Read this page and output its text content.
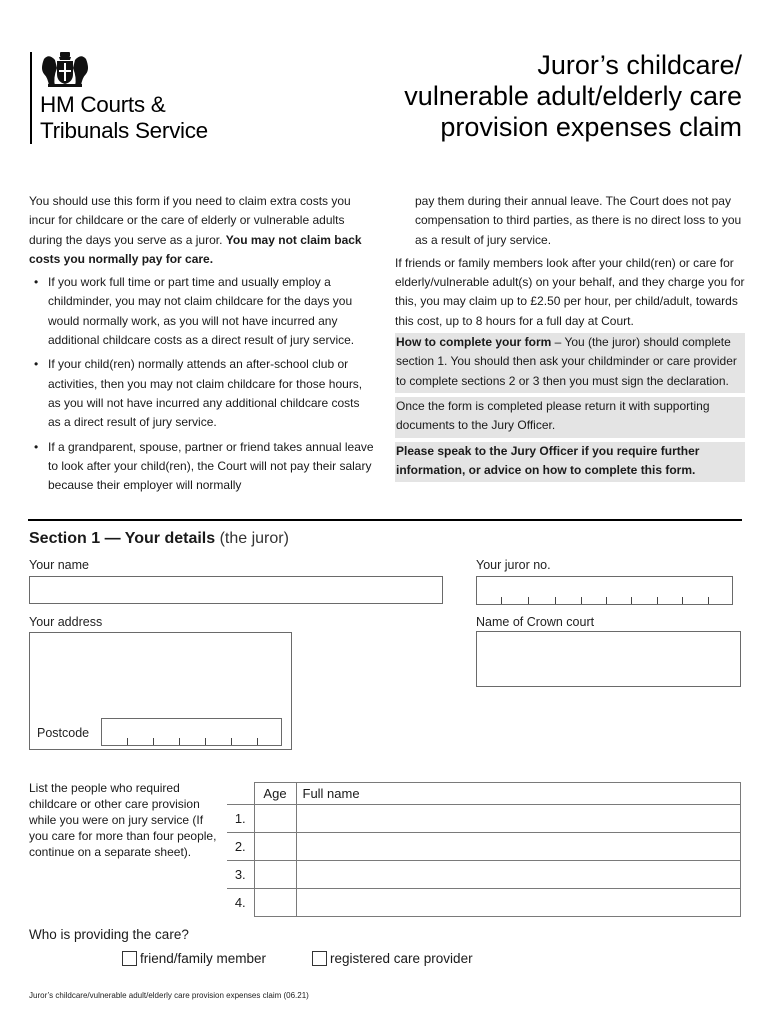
HM Courts &
Tribunals Service
Juror’s childcare/
vulnerable adult/elderly care
provision expenses claim

You should use this form if you need to claim extra costs you incur for childcare or the care of elderly or vulnerable adults during the days you serve as a juror. You may not claim back costs you normally pay for care.

• If you work full time or part time and usually employ a childminder, you may not claim childcare for the days you would normally work, as you will not have incurred any additional childcare costs as a direct result of jury service.
• If your child(ren) normally attends an after-school club or activities, then you may not claim childcare for those hours, as you will not have incurred any additional childcare costs as a direct result of jury service.
• If a grandparent, spouse, partner or friend takes annual leave to look after your child(ren), the Court will not pay their salary because their employer will normally

pay them during their annual leave. The Court does not pay compensation to third parties, as there is no direct loss to you as a result of jury service.

If friends or family members look after your child(ren) or care for elderly/vulnerable adult(s) on your behalf, and they charge you for this, you may claim up to £2.50 per hour, per child/adult, towards this cost, up to 8 hours for a full day at Court.

How to complete your form – You (the juror) should complete section 1. You should then ask your childminder or care provider to complete sections 2 or 3 then you must sign the declaration.
Once the form is completed please return it with supporting documents to the Jury Officer.
Please speak to the Jury Officer if you require further information, or advice on how to complete this form.
Section 1 — Your details (the juror)
Your name	Your juror no.
Your address
Postcode
Name of Crown court
List the people who required childcare or other care provision while you were on jury service (If you care for more than four people, continue on a separate sheet).
	Age	Full name
1.		
2.		
3.		
4.		
Who is providing the care?
friend/family member	registered care provider
Juror’s childcare/vulnerable adult/elderly care provision expenses claim (06.21)
